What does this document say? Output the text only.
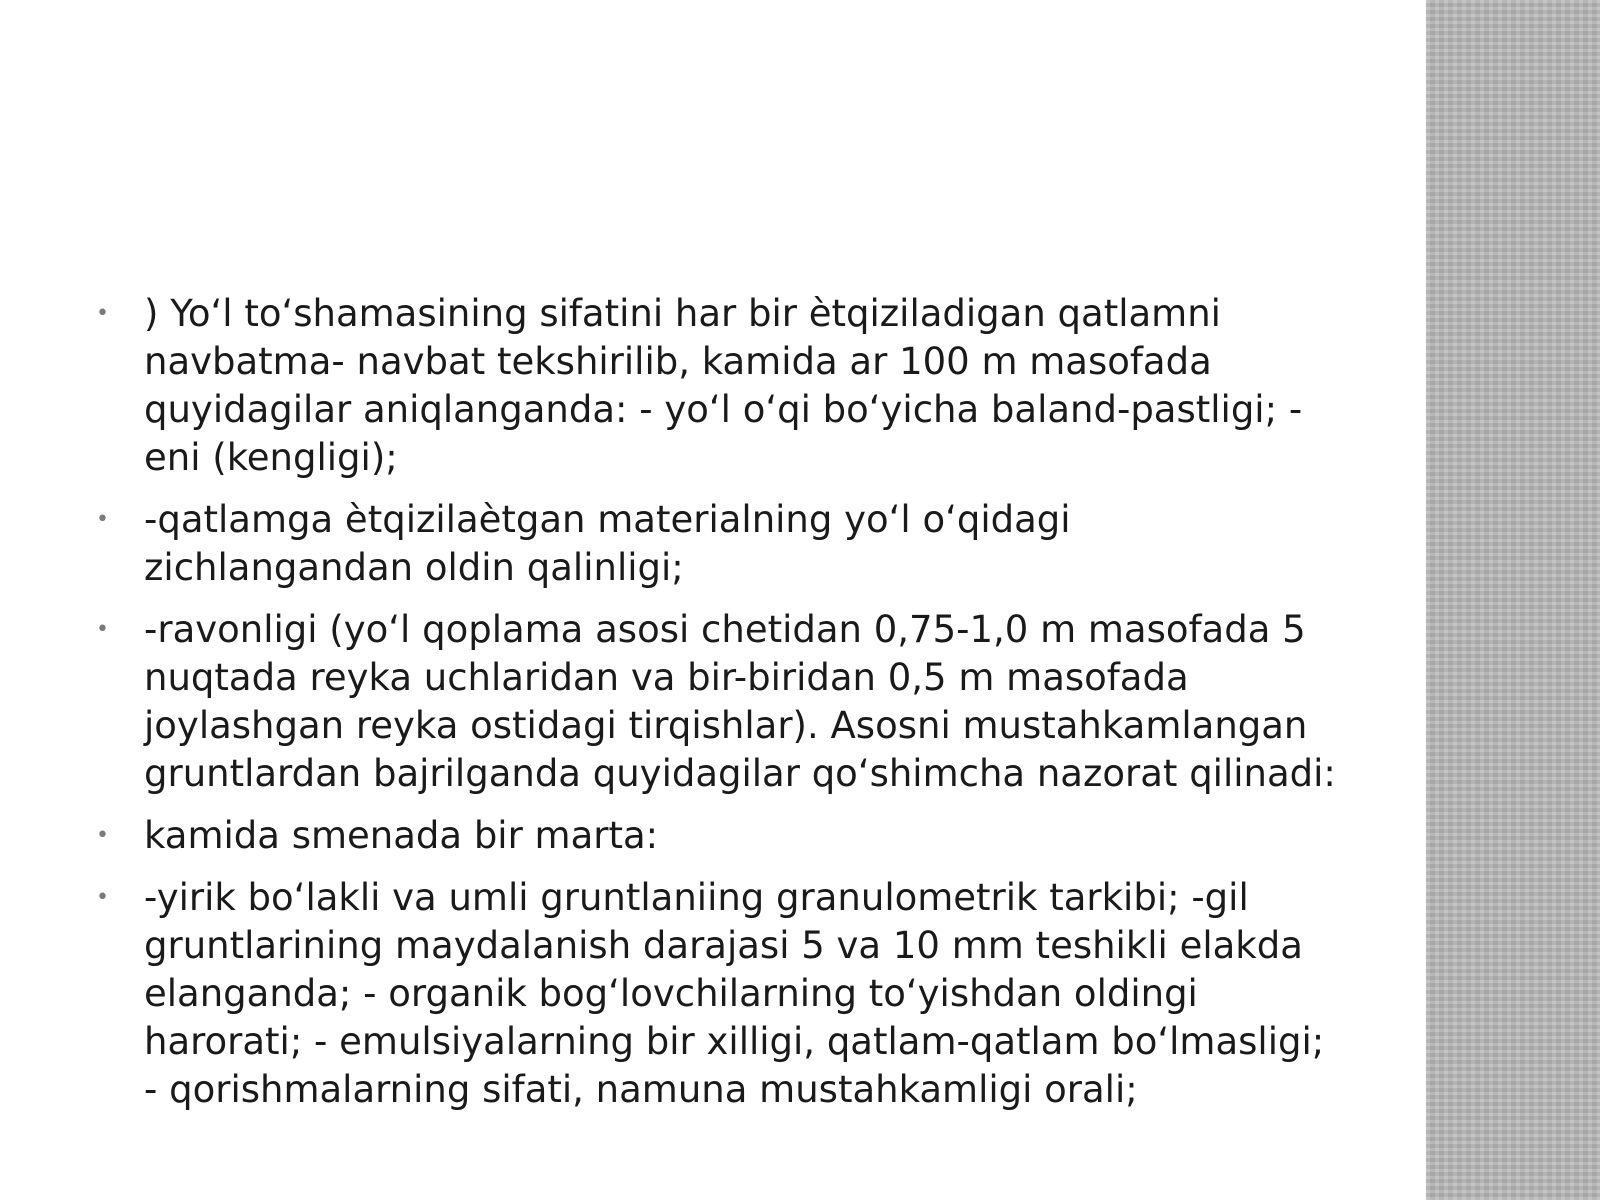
• ) Yo‘l to‘shamasining sifatini har bir ètqiziladigan qatlamni navbatma- navbat tekshirilib, kamida ar 100 m masofada quyidagilar aniqlanganda: - yo‘l o‘qi bo‘yicha baland-pastligi; -eni (kengligi);
• -qatlamga ètqizilaètgan materialning yo‘l o‘qidagi zichlangandan oldin qalinligi;
• -ravonligi (yo‘l qoplama asosi chetidan 0,75-1,0 m masofada 5 nuqtada reyka uchlaridan va bir-biridan 0,5 m masofada joylashgan reyka ostidagi tirqishlar). Asosni mustahkamlangan gruntlardan bajrilganda quyidagilar qo‘shimcha nazorat qilinadi:
• kamida smenada bir marta:
• -yirik bo‘lakli va umli gruntlaniing granulometrik tarkibi; -gil gruntlarining maydalanish darajasi 5 va 10 mm teshikli elakda elanganda; - organik bog‘lovchilarning to‘yishdan oldingi harorati; - emulsiyalarning bir xilligi, qatlam-qatlam bo‘lmasligi; - qorishmalarning sifati, namuna mustahkamligi orali;
